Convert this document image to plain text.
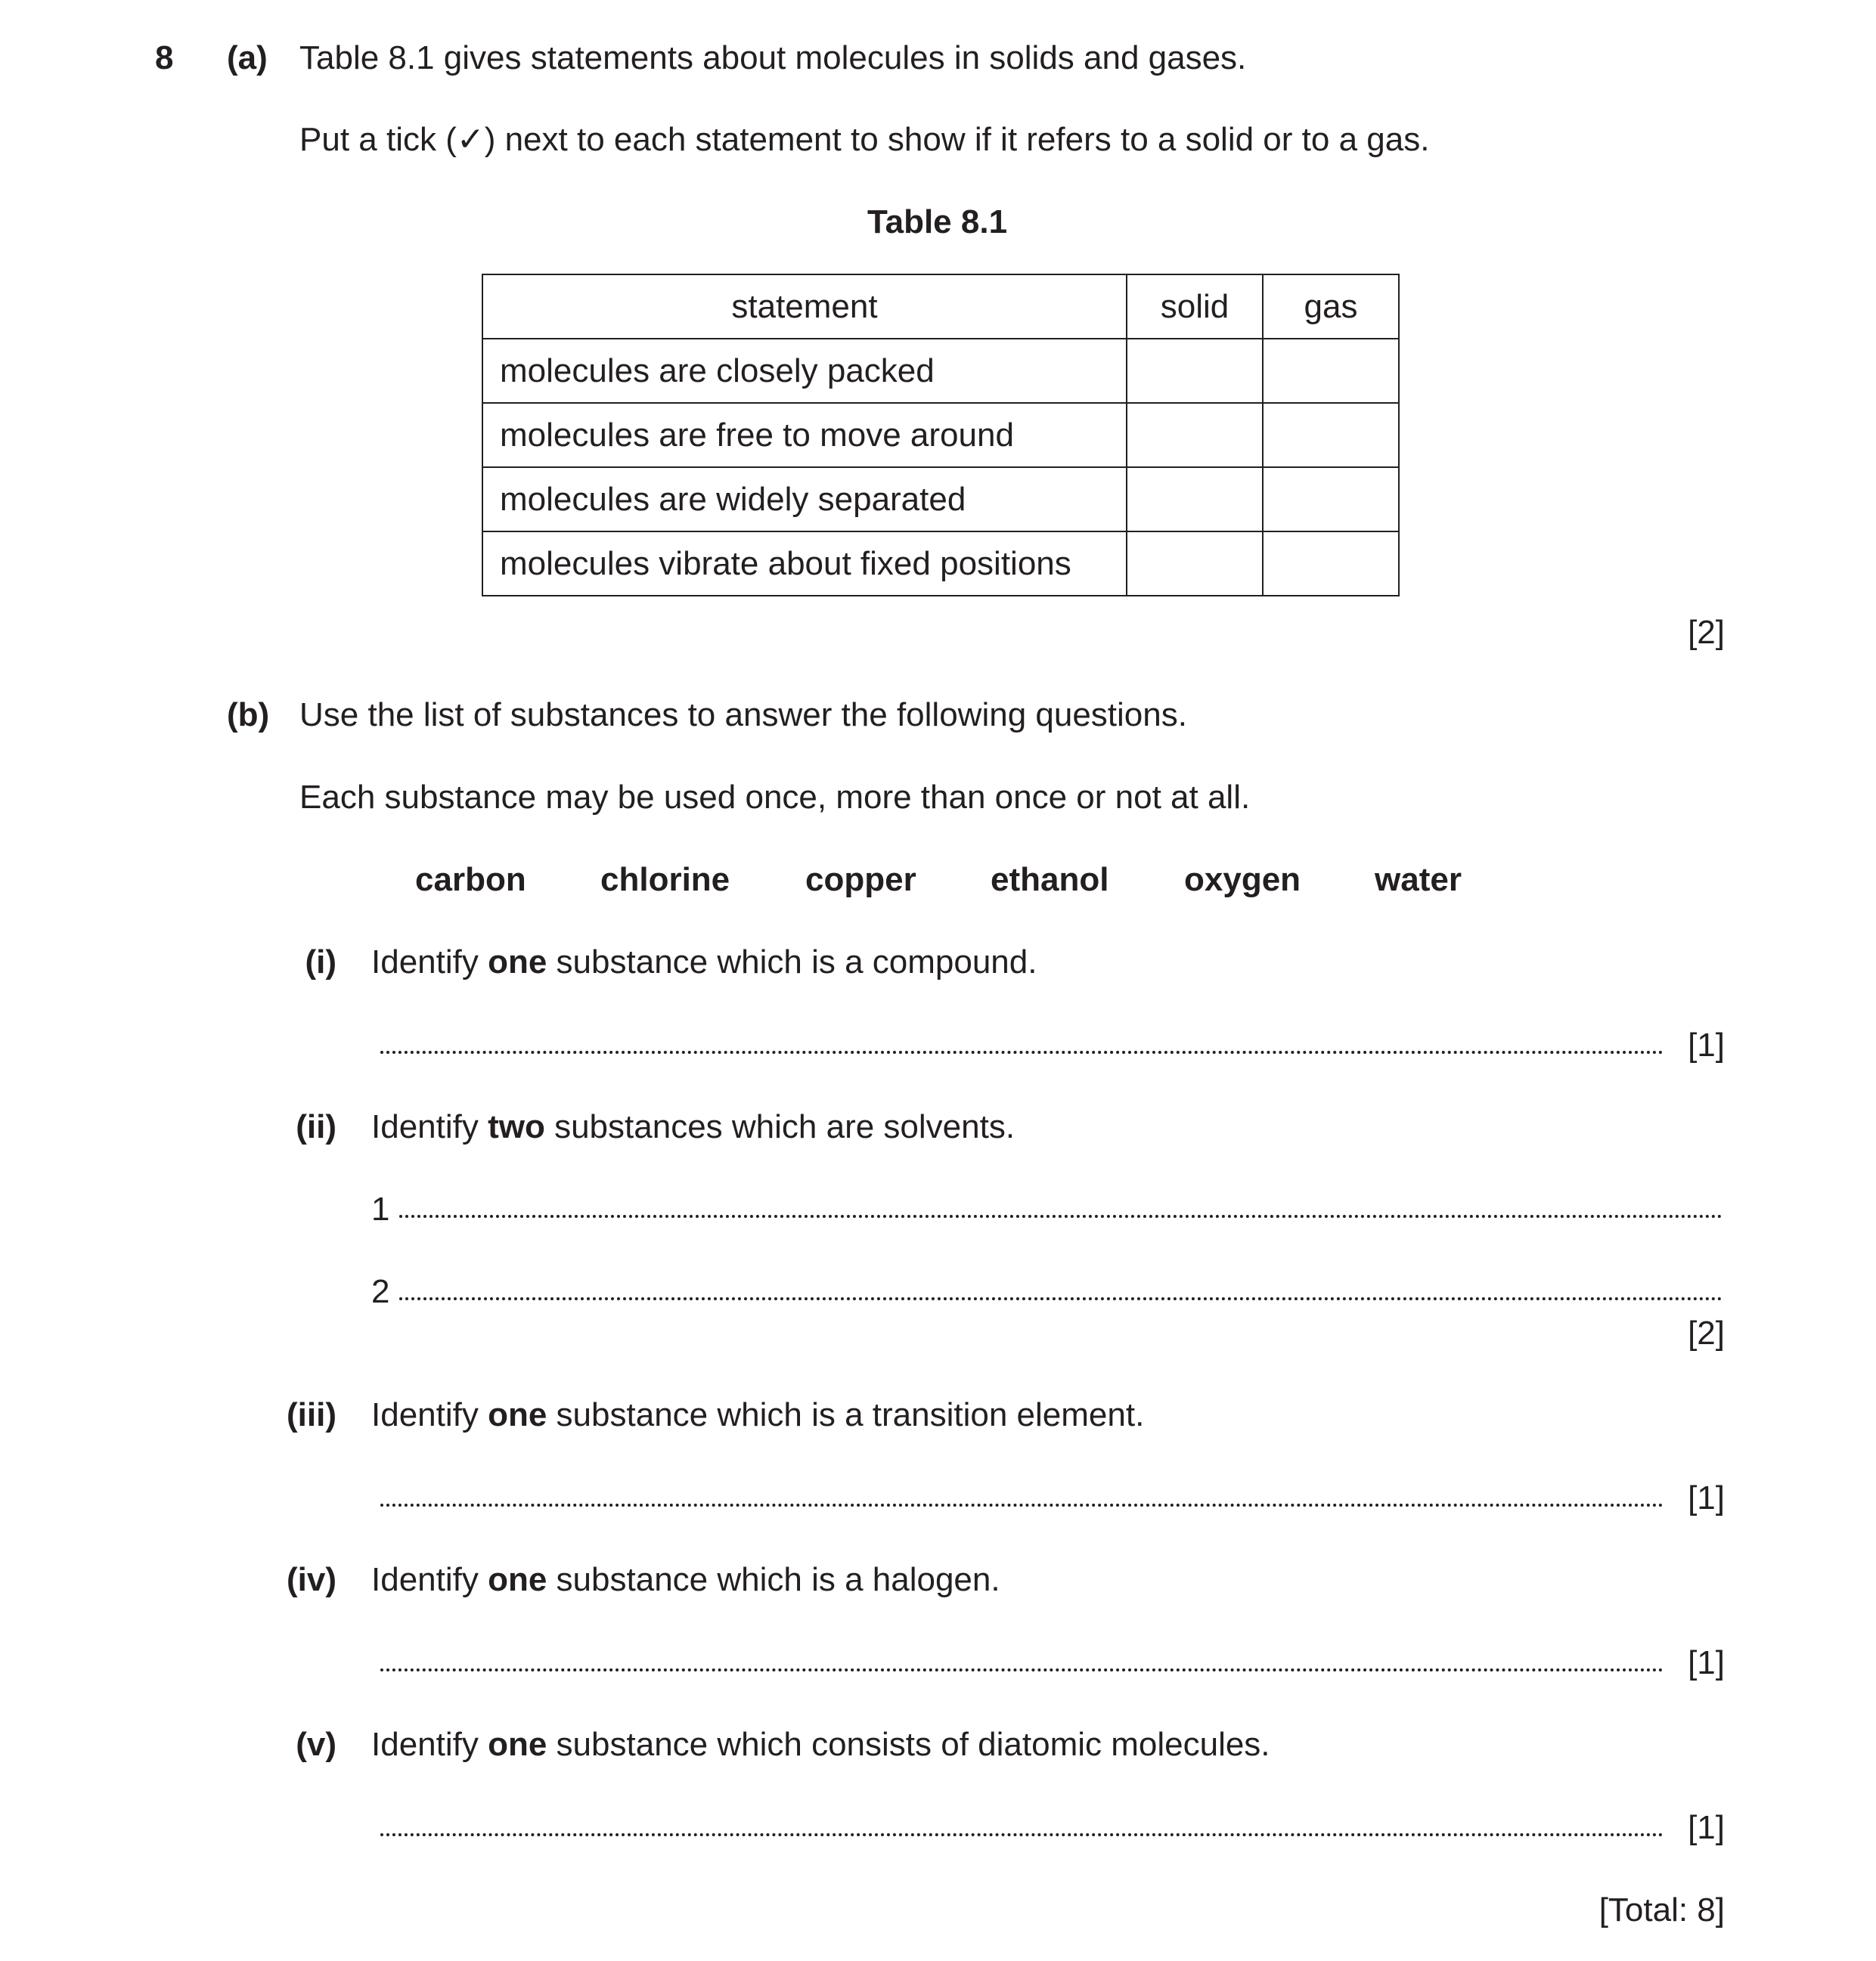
8 (a) Table 8.1 gives statements about molecules in solids and gases.
Put a tick (✓) next to each statement to show if it refers to a solid or to a gas.
Table 8.1
statement	solid	gas
molecules are closely packed		
molecules are free to move around		
molecules are widely separated		
molecules vibrate about fixed positions		
[2]
(b) Use the list of substances to answer the following questions.
Each substance may be used once, more than once or not at all.
carbon chlorine copper ethanol oxygen water
(i) Identify one substance which is a compound.
[1]
(ii) Identify two substances which are solvents.
1
2
[2]
(iii) Identify one substance which is a transition element.
[1]
(iv) Identify one substance which is a halogen.
[1]
(v) Identify one substance which consists of diatomic molecules.
[1]
[Total: 8]
